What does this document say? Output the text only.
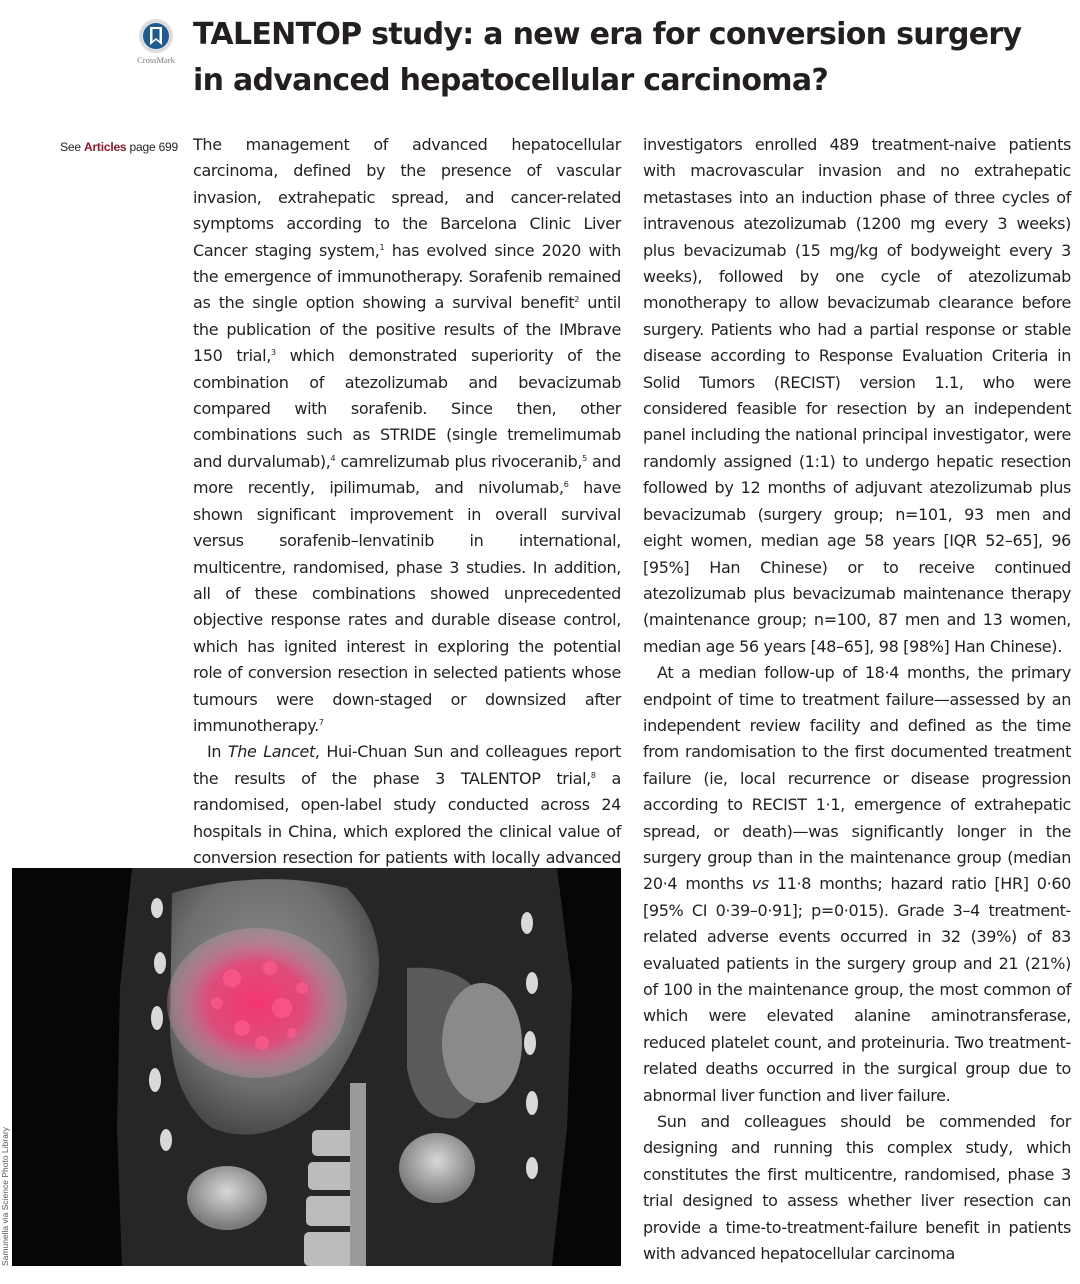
CrossMark
TALENTOP study: a new era for conversion surgery in advanced hepatocellular carcinoma?
See Articles page 699 The management of advanced hepatocellular carcinoma, defined by the presence of vascular invasion, extrahepatic spread, and cancer-related symptoms according to the Barcelona Clinic Liver Cancer staging system,$^1$ has evolved since 2020 with the emergence of immunotherapy. Sorafenib remained as the single option showing a survival benefit$^2$ until the publication of the positive results of the IMbrave 150 trial,$^3$ which demonstrated superiority of the combination of atezolizumab and bevacizumab compared with sorafenib. Since then, other combinations such as STRIDE (single tremelimumab and durvalumab),$^4$ camrelizumab plus rivoceranib,$^5$ and more recently, ipilimumab, and nivolumab,$^6$ have shown significant improvement in overall survival versus sorafenib–lenvatinib in international, multicentre, randomised, phase 3 studies. In addition, all of these combinations showed unprecedented objective response rates and durable disease control, which has ignited interest in exploring the potential role of conversion resection in selected patients whose tumours were down-staged or downsized after immunotherapy.$^7$

In The Lancet, Hui-Chuan Sun and colleagues report the results of the phase 3 TALENTOP trial,$^8$ a randomised, open-label study conducted across 24 hospitals in China, which explored the clinical value of conversion resection for patients with locally advanced

investigators enrolled 489 treatment-naive patients with macrovascular invasion and no extrahepatic metastases into an induction phase of three cycles of intravenous atezolizumab (1200 mg every 3 weeks) plus bevacizumab (15 mg/kg of bodyweight every 3 weeks), followed by one cycle of atezolizumab monotherapy to allow bevacizumab clearance before surgery. Patients who had a partial response or stable disease according to Response Evaluation Criteria in Solid Tumors (RECIST) version 1.1, who were considered feasible for resection by an independent panel including the national principal investigator, were randomly assigned (1:1) to undergo hepatic resection followed by 12 months of adjuvant atezolizumab plus bevacizumab (surgery group; n=101, 93 men and eight women, median age 58 years [IQR 52–65], 96 [95%] Han Chinese) or to receive continued atezolizumab plus bevacizumab maintenance therapy (maintenance group; n=100, 87 men and 13 women, median age 56 years [48–65], 98 [98%] Han Chinese).

At a median follow-up of 18·4 months, the primary endpoint of time to treatment failure—assessed by an independent review facility and defined as the time from randomisation to the first documented treatment failure (ie, local recurrence or disease progression according to RECIST 1·1, emergence of extrahepatic spread, or death)—was significantly longer in the surgery group than in the maintenance group (median 20·4 months vs 11·8 months; hazard ratio [HR] 0·60 [95% CI 0·39–0·91]; p=0·015). Grade 3–4 treatment-related adverse events occurred in 32 (39%) of 83 evaluated patients in the surgery group and 21 (21%) of 100 in the maintenance group, the most common of which were elevated alanine aminotransferase, reduced platelet count, and proteinuria. Two treatment-related deaths occurred in the surgical group due to abnormal liver function and liver failure.

Sun and colleagues should be commended for designing and running this complex study, which constitutes the first multicentre, randomised, phase 3 trial designed to assess whether liver resection can provide a time-to-treatment-failure benefit in patients with advanced hepatocellular carcinoma

Samunella via Science Photo Library
